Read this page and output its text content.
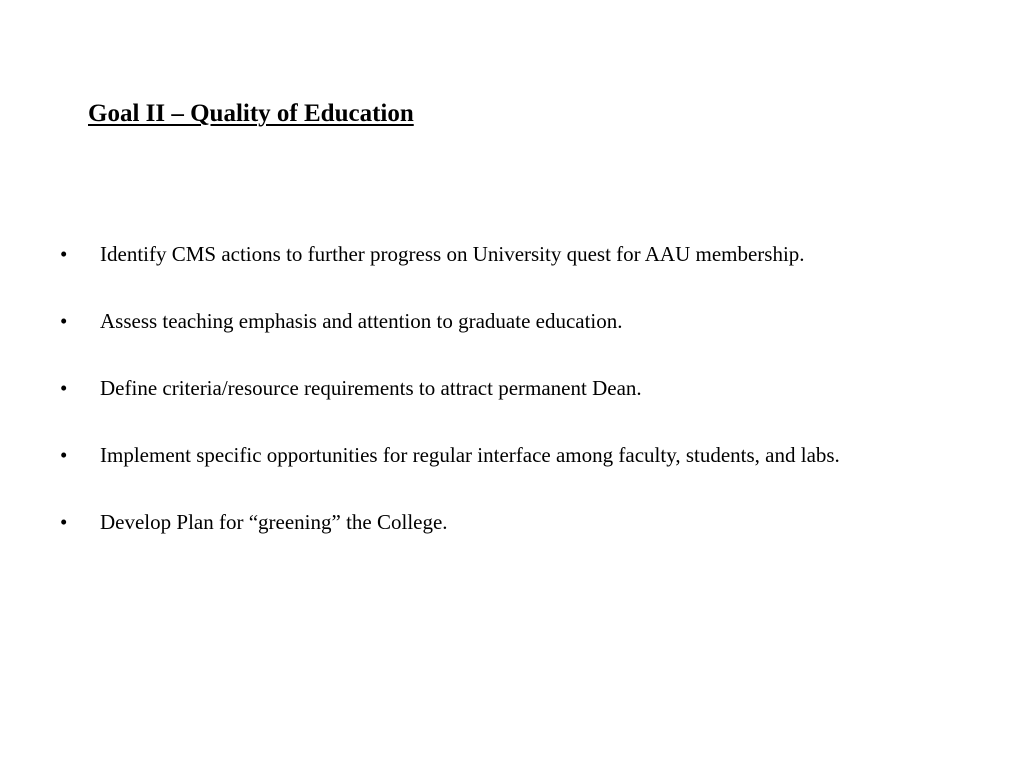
Goal II – Quality of Education
•	Identify CMS actions to further progress on University quest for AAU membership.
•	Assess teaching emphasis and attention to graduate education.
•	Define criteria/resource requirements to attract permanent Dean.
•	Implement specific opportunities for regular interface among faculty, students, and labs.
•	Develop Plan for “greening” the College.
